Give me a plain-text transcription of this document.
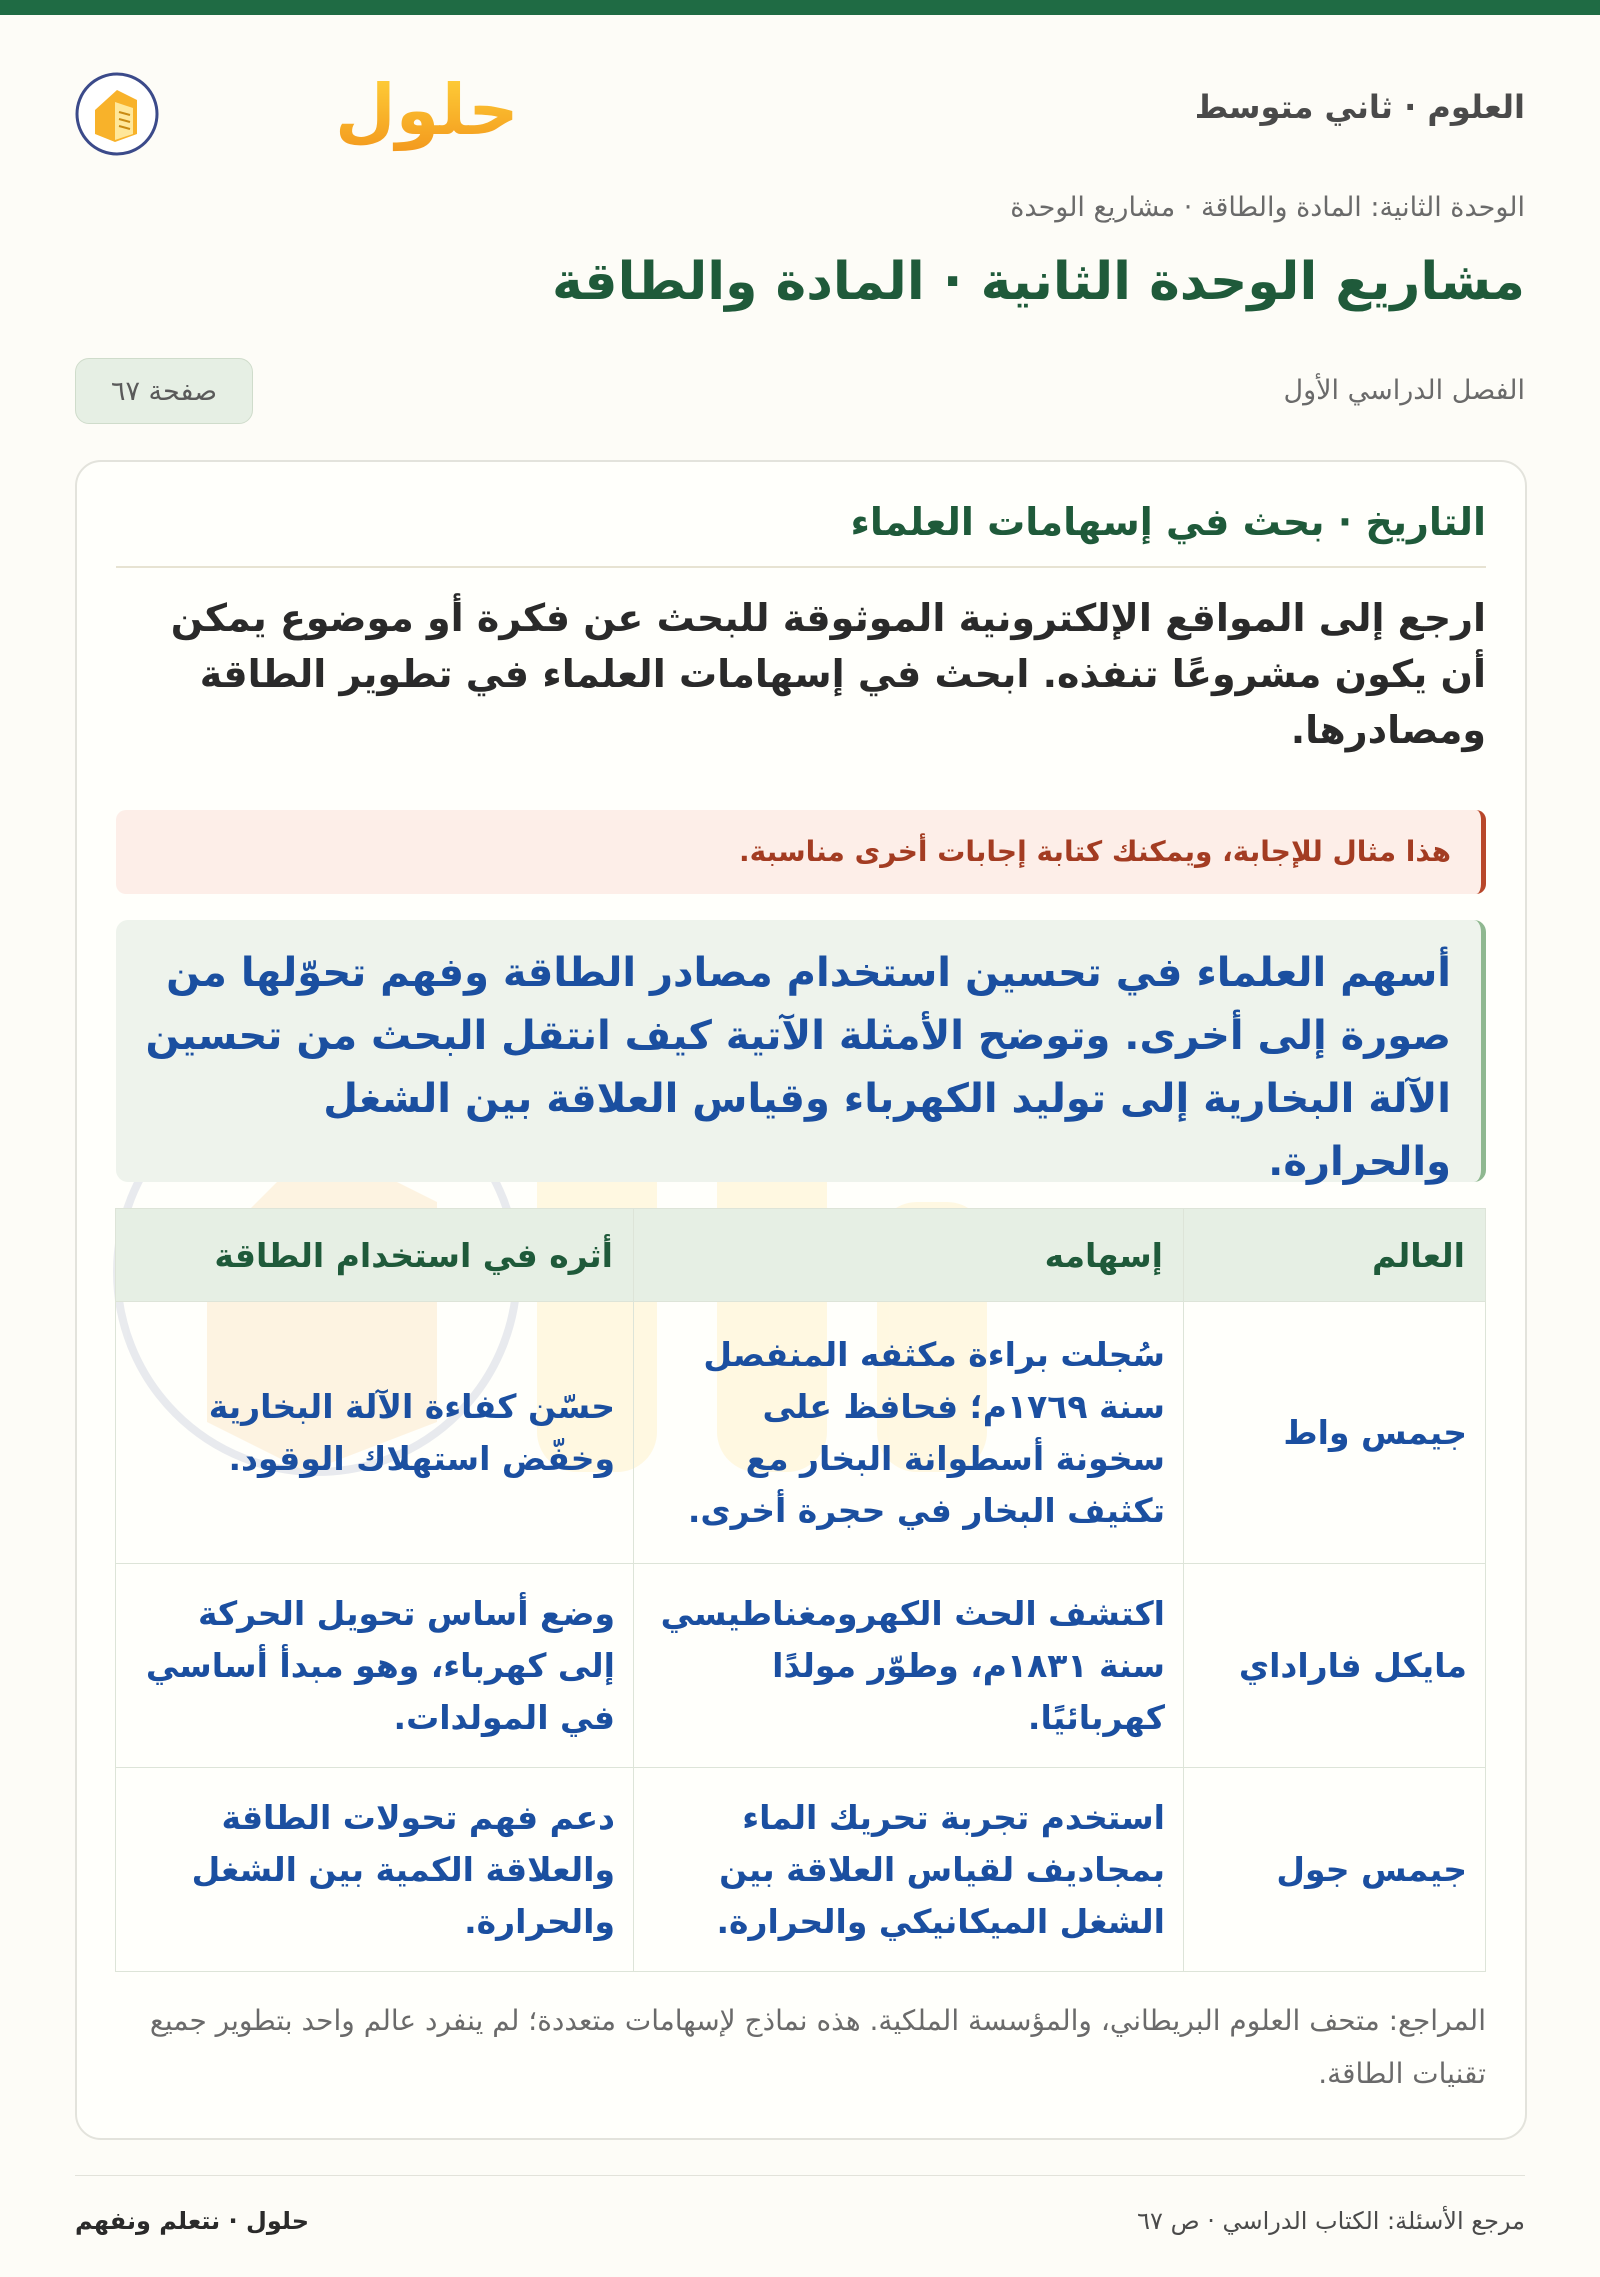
العلوم · ثاني متوسط
حلول
الوحدة الثانية: المادة والطاقة · مشاريع الوحدة
مشاريع الوحدة الثانية · المادة والطاقة
الفصل الدراسي الأول
صفحة ٦٧
التاريخ · بحث في إسهامات العلماء

ارجع إلى المواقع الإلكترونية الموثوقة للبحث عن فكرة أو موضوع يمكن أن يكون مشروعًا تنفذه. ابحث في إسهامات العلماء في تطوير الطاقة ومصادرها.

هذا مثال للإجابة، ويمكنك كتابة إجابات أخرى مناسبة.
أسهم العلماء في تحسين استخدام مصادر الطاقة وفهم تحوّلها من صورة إلى أخرى. وتوضح الأمثلة الآتية كيف انتقل البحث من تحسين الآلة البخارية إلى توليد الكهرباء وقياس العلاقة بين الشغل والحرارة.
العالم	إسهامه	أثره في استخدام الطاقة
جيمس واط	سُجلت براءة مكثفه المنفصل سنة ١٧٦٩م؛ فحافظ على سخونة أسطوانة البخار مع تكثيف البخار في حجرة أخرى.	حسّن كفاءة الآلة البخارية وخفّض استهلاك الوقود.
مايكل فاراداي	اكتشف الحث الكهرومغناطيسي سنة ١٨٣١م، وطوّر مولدًا كهربائيًا.	وضع أساس تحويل الحركة إلى كهرباء، وهو مبدأ أساسي في المولدات.
جيمس جول	استخدم تجربة تحريك الماء بمجاديف لقياس العلاقة بين الشغل الميكانيكي والحرارة.	دعم فهم تحولات الطاقة والعلاقة الكمية بين الشغل والحرارة.

المراجع: متحف العلوم البريطاني، والمؤسسة الملكية. هذه نماذج لإسهامات متعددة؛ لم ينفرد عالم واحد بتطوير جميع تقنيات الطاقة.

مرجع الأسئلة: الكتاب الدراسي · ص ٦٧
حلول · نتعلم ونفهم
